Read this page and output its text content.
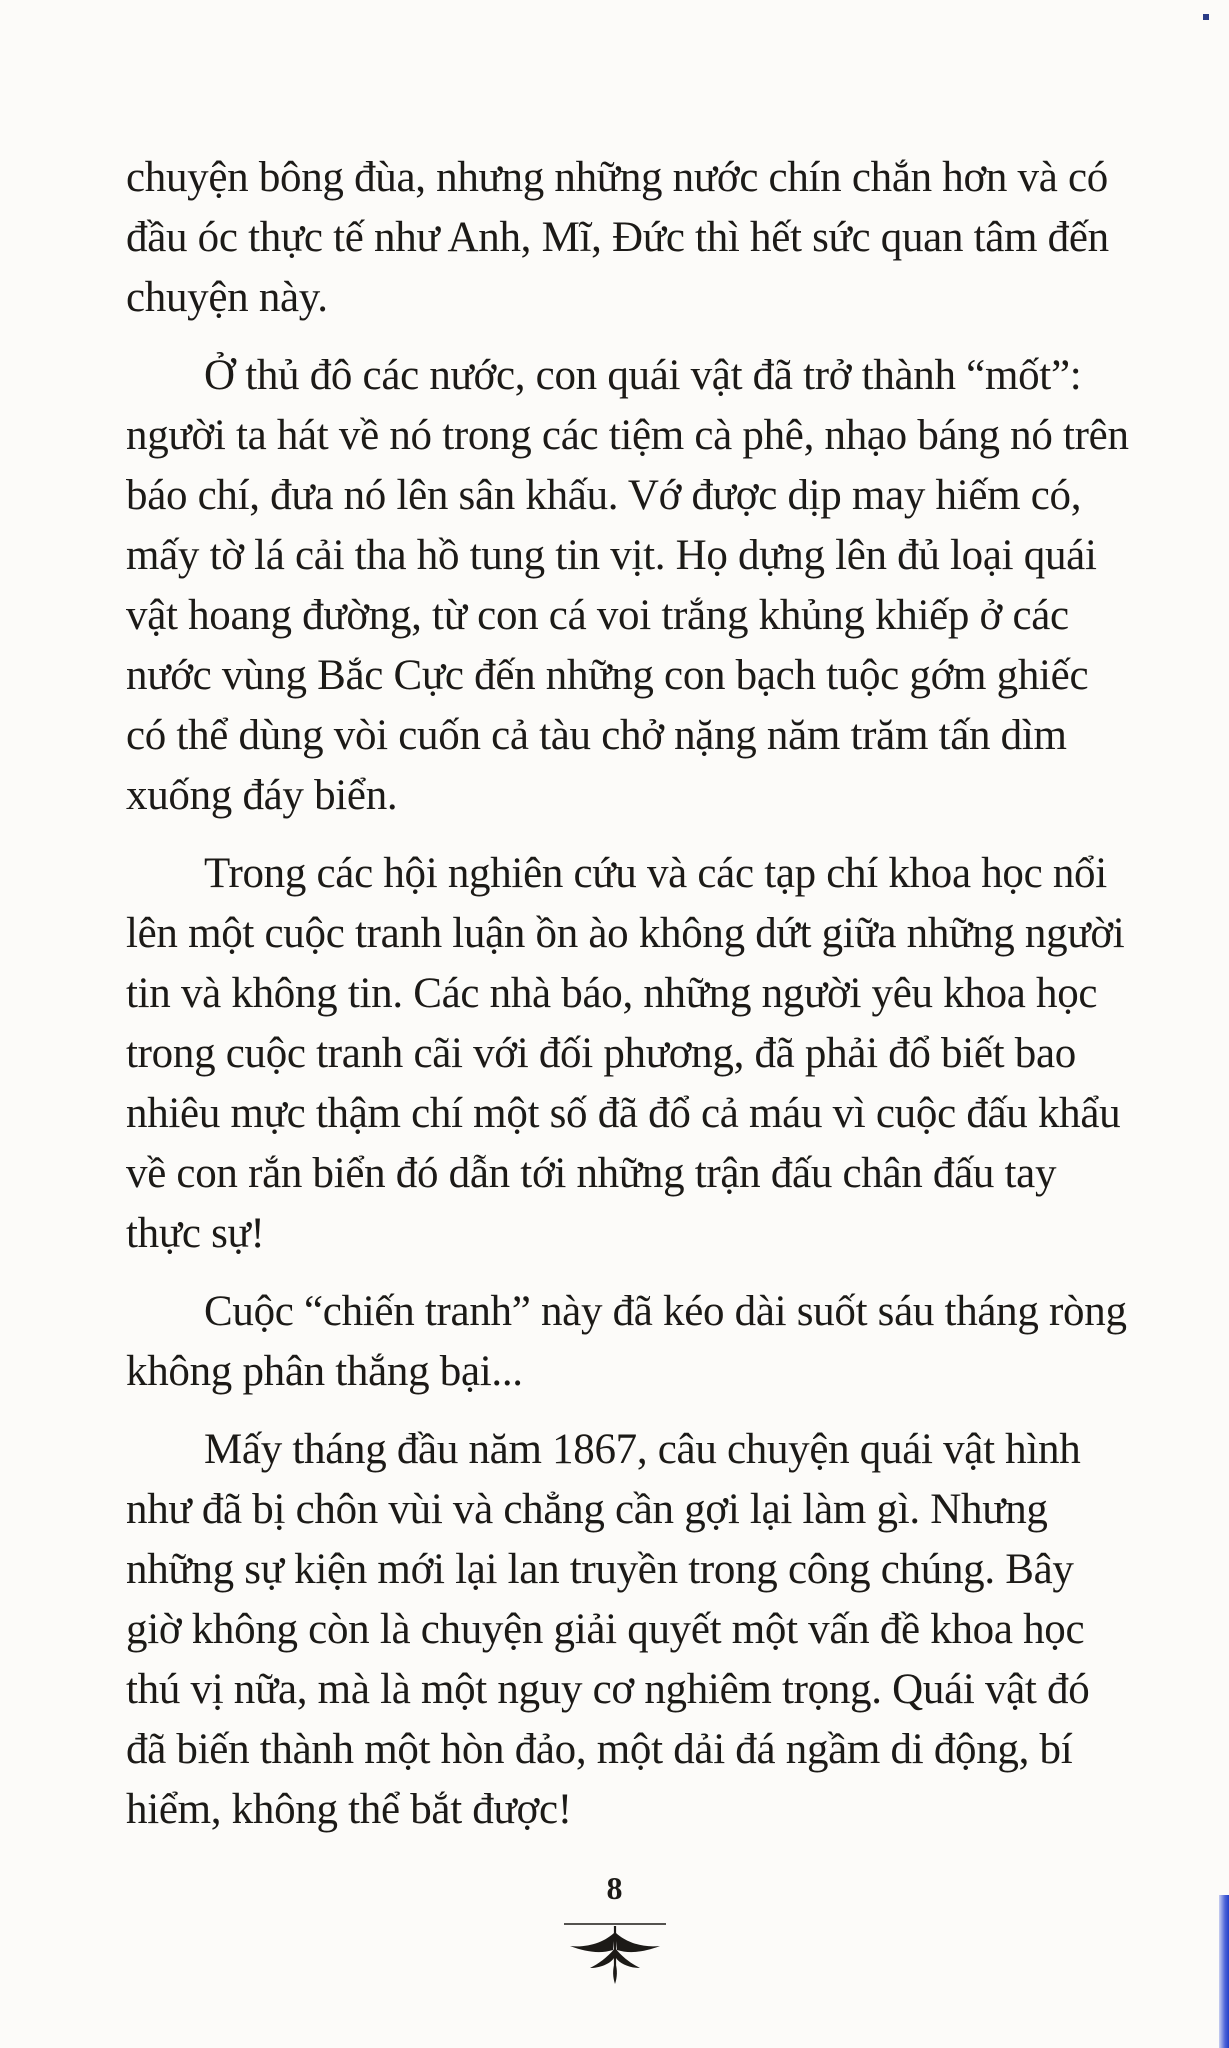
chuyện bông đùa, nhưng những nước chín chắn hơn và có
đầu óc thực tế như Anh, Mĩ, Đức thì hết sức quan tâm đến
chuyện này.

Ở thủ đô các nước, con quái vật đã trở thành “mốt”:
người ta hát về nó trong các tiệm cà phê, nhạo báng nó trên
báo chí, đưa nó lên sân khấu. Vớ được dịp may hiếm có,
mấy tờ lá cải tha hồ tung tin vịt. Họ dựng lên đủ loại quái
vật hoang đường, từ con cá voi trắng khủng khiếp ở các
nước vùng Bắc Cực đến những con bạch tuộc gớm ghiếc
có thể dùng vòi cuốn cả tàu chở nặng năm trăm tấn dìm
xuống đáy biển.

Trong các hội nghiên cứu và các tạp chí khoa học nổi
lên một cuộc tranh luận ồn ào không dứt giữa những người
tin và không tin. Các nhà báo, những người yêu khoa học
trong cuộc tranh cãi với đối phương, đã phải đổ biết bao
nhiêu mực thậm chí một số đã đổ cả máu vì cuộc đấu khẩu
về con rắn biển đó dẫn tới những trận đấu chân đấu tay
thực sự!

Cuộc “chiến tranh” này đã kéo dài suốt sáu tháng ròng
không phân thắng bại...

Mấy tháng đầu năm 1867, câu chuyện quái vật hình
như đã bị chôn vùi và chẳng cần gợi lại làm gì. Nhưng
những sự kiện mới lại lan truyền trong công chúng. Bây
giờ không còn là chuyện giải quyết một vấn đề khoa học
thú vị nữa, mà là một nguy cơ nghiêm trọng. Quái vật đó
đã biến thành một hòn đảo, một dải đá ngầm di động, bí
hiểm, không thể bắt được!

8
